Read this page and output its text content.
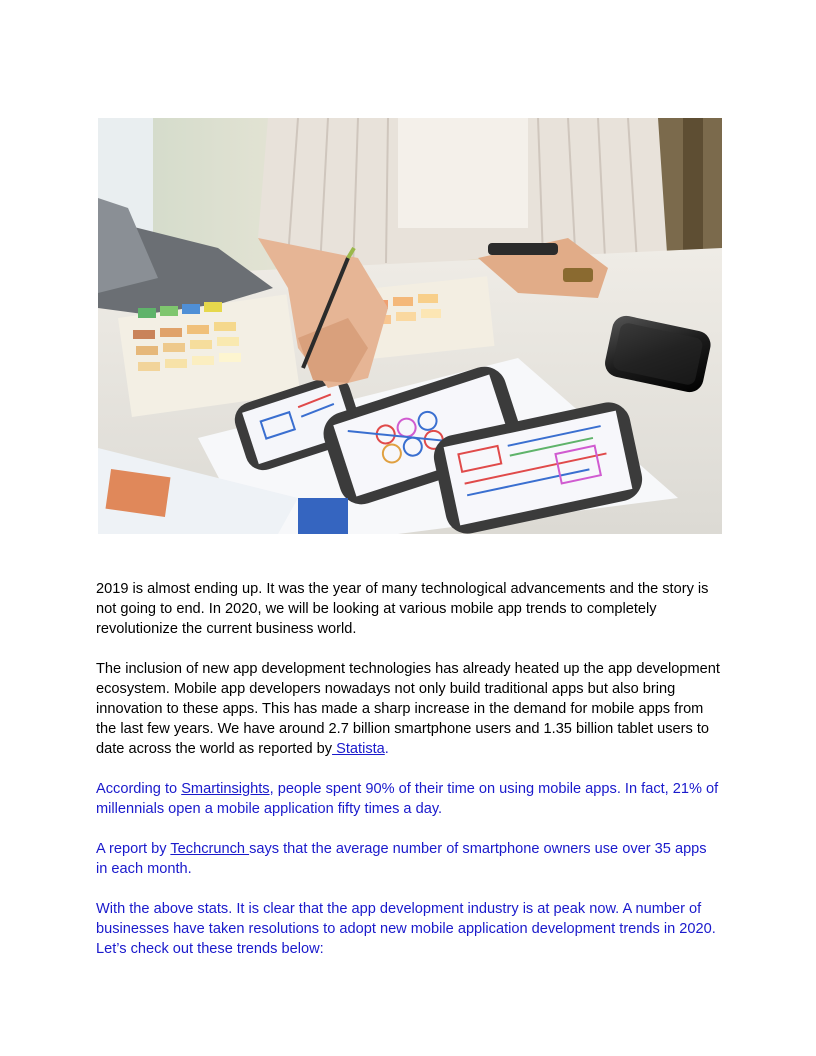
2019 is almost ending up. It was the year of many technological advancements and the story is not going to end. In 2020, we will be looking at various mobile app trends to completely revolutionize the current business world.

The inclusion of new app development technologies has already heated up the app development ecosystem. Mobile app developers nowadays not only build traditional apps but also bring innovation to these apps. This has made a sharp increase in the demand for mobile apps from the last few years. We have around 2.7 billion smartphone users and 1.35 billion tablet users to date across the world as reported by Statista.

According to Smartinsights, people spent 90% of their time on using mobile apps. In fact, 21% of millennials open a mobile application fifty times a day.

A report by Techcrunch says that the average number of smartphone owners use over 35 apps in each month.

With the above stats. It is clear that the app development industry is at peak now. A number of businesses have taken resolutions to adopt new mobile application development trends in 2020. Let’s check out these trends below:
